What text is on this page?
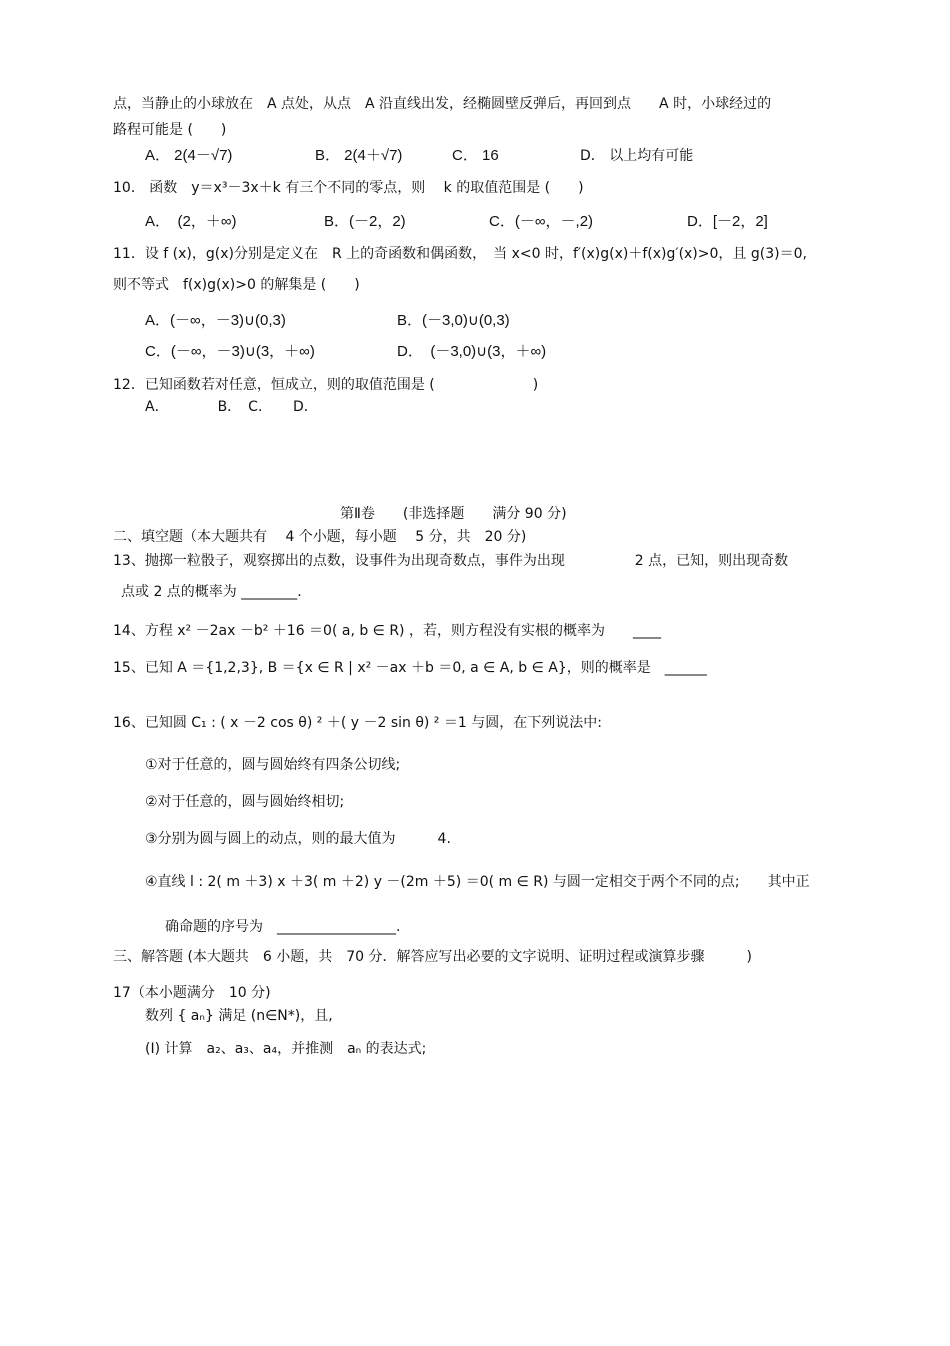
点，当静止的小球放在　A 点处，从点　A 沿直线出发，经椭圆壁反弹后，再回到点　　A 时，小球经过的
路程可能是 (　　)
A． 2(4－√7)	B． 2(4＋√7)	C． 16	D． 以上均有可能
10． 函数　y＝x³－3x＋k 有三个不同的零点，则　 k 的取值范围是 (　　)
A．　(2，＋∞)	B．(－2，2)	C．(－∞，－,2)	D．[－2，2]
11．设 f (x)，g(x)分别是定义在　R 上的奇函数和偶函数，　当 x<0 时，f′(x)g(x)＋f(x)g′(x)>0，且 g(3)＝0,
则不等式　f(x)g(x)>0 的解集是 (　　)
A．(－∞，－3)∪(0,3)	B．(－3,0)∪(0,3)
C．(－∞，－3)∪(3，＋∞)	D．　(－3,0)∪(3，＋∞)
12．已知函数若对任意，恒成立，则的取值范围是 (　　　　　　　)
A．　　　　B．　C．　　D．
第Ⅱ卷　　(非选择题　　满分 90 分)
二、填空题（本大题共有　 4 个小题，每小题　 5 分，共　20 分)
13、抛掷一粒骰子，观察掷出的点数，设事件为出现奇数点，事件为出现　　　　　2 点，已知，则出现奇数
点或 2 点的概率为 ________.
14、方程 x² －2ax －b² ＋16 ＝0( a, b ∈ R) ，若，则方程没有实根的概率为　　____
15、已知 A ＝{1,2,3}, B ＝{x ∈ R | x² －ax ＋b ＝0, a ∈ A, b ∈ A}，则的概率是　______
16、已知圆 C₁ : ( x －2 cos θ) ² ＋( y －2 sin θ) ² ＝1 与圆，在下列说法中:
①对于任意的，圆与圆始终有四条公切线;
②对于任意的，圆与圆始终相切;
③分别为圆与圆上的动点，则的最大值为　　　4.
④直线 l : 2( m ＋3) x ＋3( m ＋2) y －(2m ＋5) ＝0( m ∈ R) 与圆一定相交于两个不同的点;　　其中正
确命题的序号为　_________________.
三、解答题 (本大题共　6 小题，共　70 分．解答应写出必要的文字说明、证明过程或演算步骤　　　)
17（本小题满分　10 分)
数列 { aₙ} 满足 (n∈N*)，且,
(I) 计算　a₂、a₃、a₄，并推测　aₙ 的表达式;
